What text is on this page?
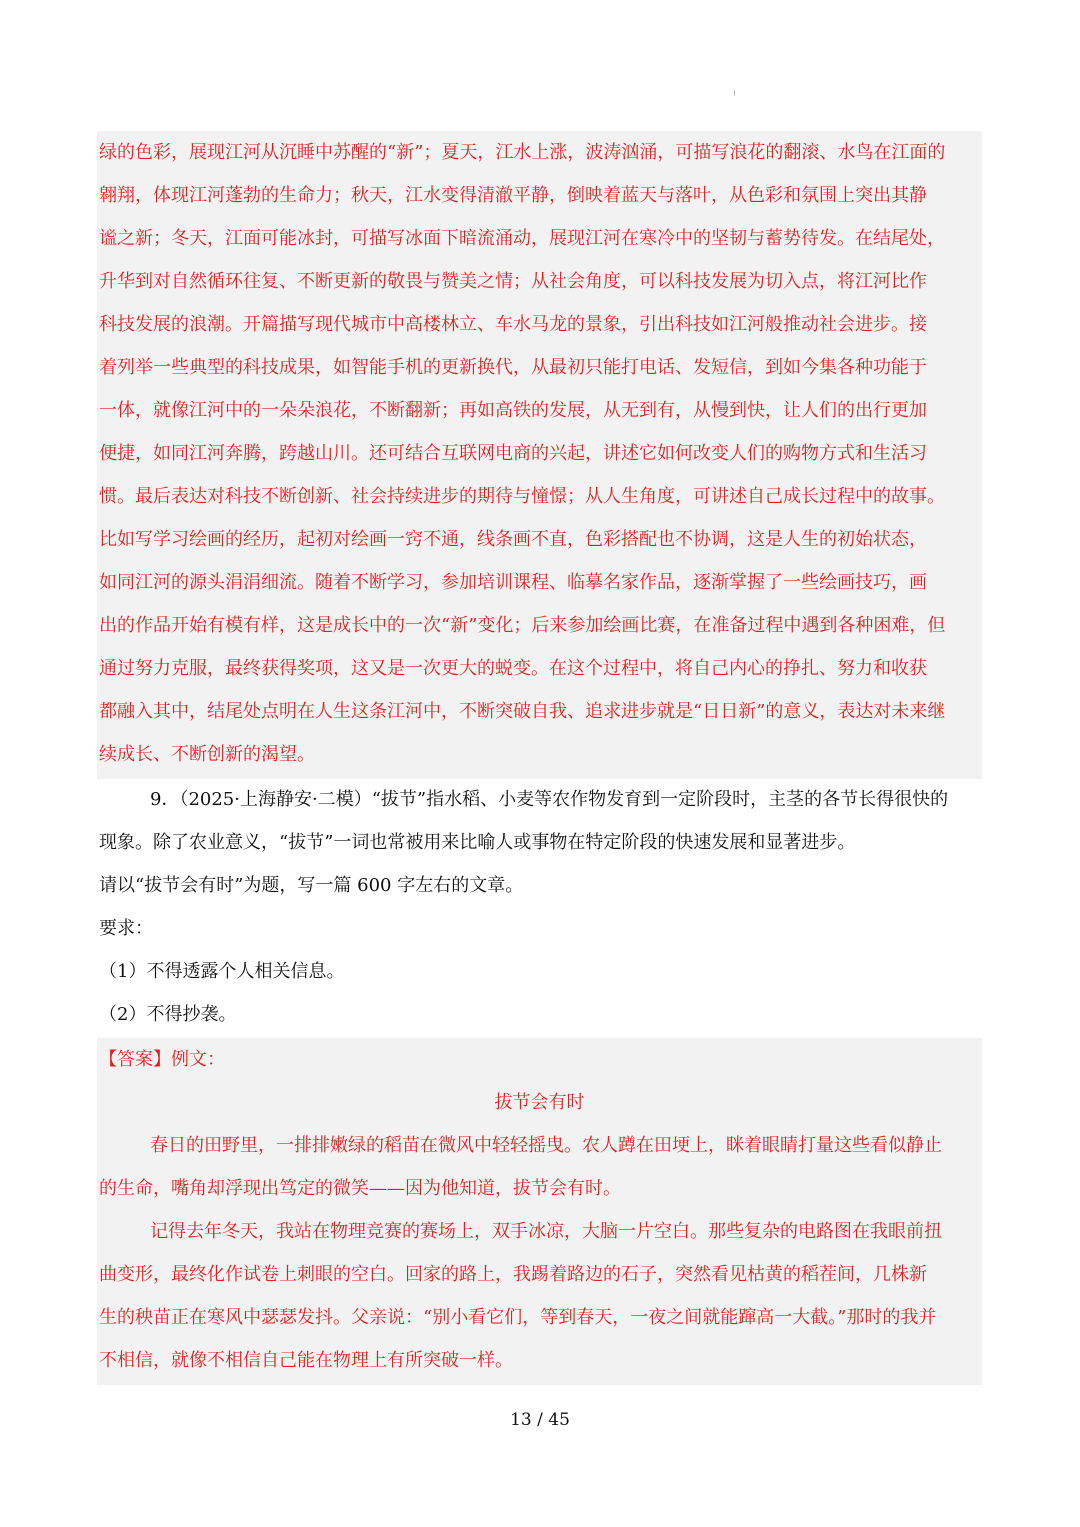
绿的色彩，展现江河从沉睡中苏醒的“新”；夏天，江水上涨，波涛汹涌，可描写浪花的翻滚、水鸟在江面的
翱翔，体现江河蓬勃的生命力；秋天，江水变得清澈平静，倒映着蓝天与落叶，从色彩和氛围上突出其静
谧之新；冬天，江面可能冰封，可描写冰面下暗流涌动，展现江河在寒冷中的坚韧与蓄势待发。在结尾处，
升华到对自然循环往复、不断更新的敬畏与赞美之情；从社会角度，可以科技发展为切入点，将江河比作
科技发展的浪潮。开篇描写现代城市中高楼林立、车水马龙的景象，引出科技如江河般推动社会进步。接
着列举一些典型的科技成果，如智能手机的更新换代，从最初只能打电话、发短信，到如今集各种功能于
一体，就像江河中的一朵朵浪花，不断翻新；再如高铁的发展，从无到有，从慢到快，让人们的出行更加
便捷，如同江河奔腾，跨越山川。还可结合互联网电商的兴起，讲述它如何改变人们的购物方式和生活习
惯。最后表达对科技不断创新、社会持续进步的期待与憧憬；从人生角度，可讲述自己成长过程中的故事。
比如写学习绘画的经历，起初对绘画一窍不通，线条画不直，色彩搭配也不协调，这是人生的初始状态，
如同江河的源头涓涓细流。随着不断学习，参加培训课程、临摹名家作品，逐渐掌握了一些绘画技巧，画
出的作品开始有模有样，这是成长中的一次“新”变化；后来参加绘画比赛，在准备过程中遇到各种困难，但
通过努力克服，最终获得奖项，这又是一次更大的蜕变。在这个过程中，将自己内心的挣扎、努力和收获
都融入其中，结尾处点明在人生这条江河中，不断突破自我、追求进步就是“日日新”的意义，表达对未来继
续成长、不断创新的渴望。
9．（2025·上海静安·二模）“拔节”指水稻、小麦等农作物发育到一定阶段时，主茎的各节长得很快的
现象。除了农业意义，“拔节”一词也常被用来比喻人或事物在特定阶段的快速发展和显著进步。
请以“拔节会有时”为题，写一篇 600 字左右的文章。
要求：
（1）不得透露个人相关信息。
（2）不得抄袭。
【答案】例文：
拔节会有时
春日的田野里，一排排嫩绿的稻苗在微风中轻轻摇曳。农人蹲在田埂上，眯着眼睛打量这些看似静止
的生命，嘴角却浮现出笃定的微笑——因为他知道，拔节会有时。
记得去年冬天，我站在物理竞赛的赛场上，双手冰凉，大脑一片空白。那些复杂的电路图在我眼前扭
曲变形，最终化作试卷上刺眼的空白。回家的路上，我踢着路边的石子，突然看见枯黄的稻茬间，几株新
生的秧苗正在寒风中瑟瑟发抖。父亲说：“别小看它们，等到春天，一夜之间就能蹿高一大截。”那时的我并
不相信，就像不相信自己能在物理上有所突破一样。
13 / 45
